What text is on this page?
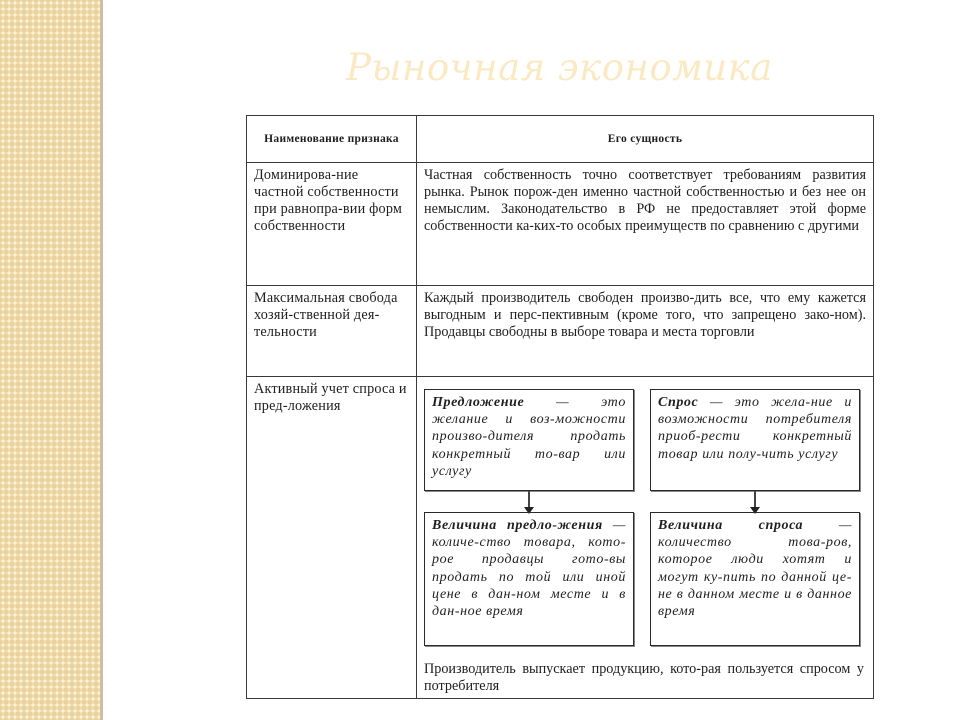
Рыночная экономика
Наименование признака	Его сущность
Доминирова-ние частной собственности при равнопра-вии форм собственности	Частная собственность точно соответствует требованиям развития рынка. Рынок порож-ден именно частной собственностью и без нее он немыслим. Законодательство в РФ не предоставляет этой форме собственности ка-ких-то особых преимуществ по сравнению с другими
Максимальная свобода хозяй-ственной дея-тельности	Каждый производитель свободен произво-дить все, что ему кажется выгодным и перс-пективным (кроме того, что запрещено зако-ном). Продавцы свободны в выборе товара и места торговли
Активный учет спроса и пред-ложения	Предложение — это желание и воз-можности произво-дителя продать конкретный то-вар или услугу
Спрос — это жела-ние и возможности потребителя приоб-рести конкретный товар или полу-чить услугу
Величина предло-жения — количе-ство товара, кото-рое продавцы гото-вы продать по той или иной цене в дан-ном месте и в дан-ное время
Величина спроса — количество това-ров, которое люди хотят и могут ку-пить по данной це-не в данном месте и в данное время
Производитель выпускает продукцию, кото-рая пользуется спросом у потребителя
